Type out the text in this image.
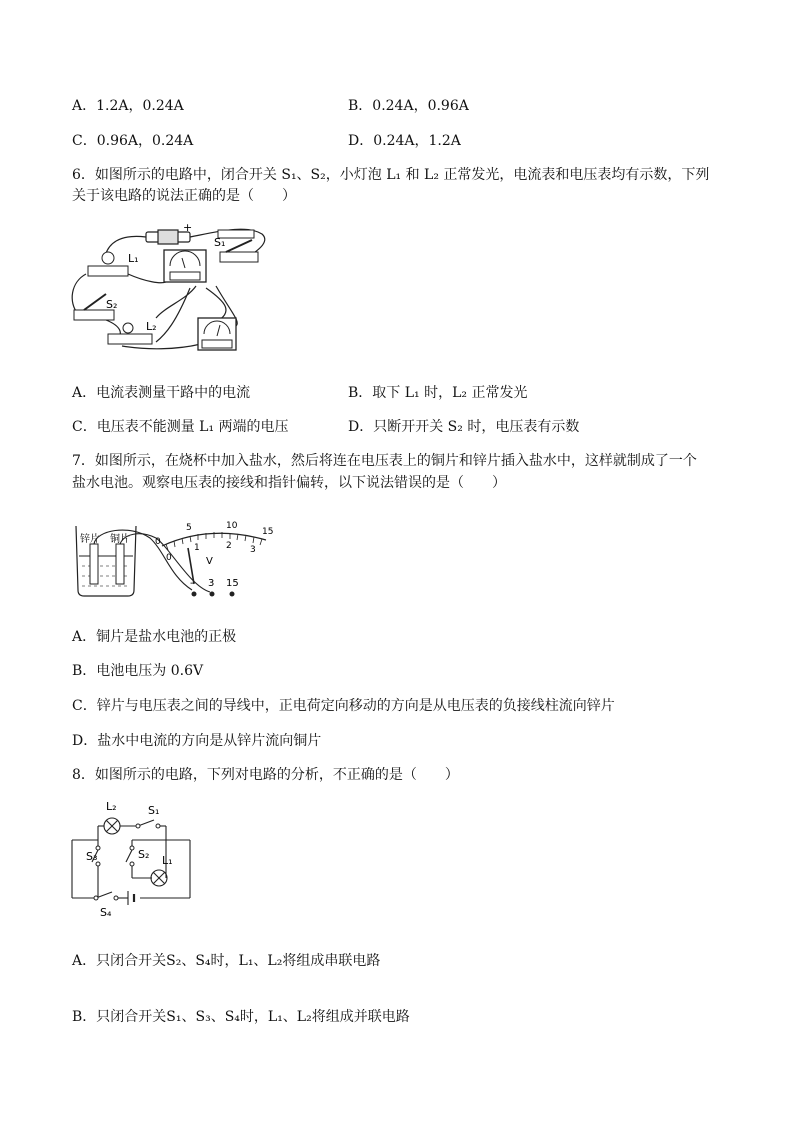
A．1.2A，0.24A	B．0.24A，0.96A
C．0.96A，0.24A	D．0.24A，1.2A
6．如图所示的电路中，闭合开关 S₁、S₂，小灯泡 L₁ 和 L₂ 正常发光，电流表和电压表均有示数，下列
关于该电路的说法正确的是（　　）
L₁
S₁
+
S₂
L₂
A．电流表测量干路中的电流	B．取下 L₁ 时，L₂ 正常发光
C．电压表不能测量 L₁ 两端的电压	D．只断开开关 S₂ 时，电压表有示数
7．如图所示，在烧杯中加入盐水，然后将连在电压表上的铜片和锌片插入盐水中，这样就制成了一个
盐水电池。观察电压表的接线和指针偏转，以下说法错误的是（　　）
锌片 铜片	0
5	10
15
0
1	2 3
V
- 3 15
A．铜片是盐水电池的正极
B．电池电压为 0.6V
C．锌片与电压表之间的导线中，正电荷定向移动的方向是从电压表的负接线柱流向锌片
D．盐水中电流的方向是从锌片流向铜片
8．如图所示的电路，下列对电路的分析，不正确的是（　　）
L₂	S₁
S₃	S₂ L₁
S₄
A．只闭合开关S₂、S₄时，L₁、L₂将组成串联电路
B．只闭合开关S₁、S₃、S₄时，L₁、L₂将组成并联电路
